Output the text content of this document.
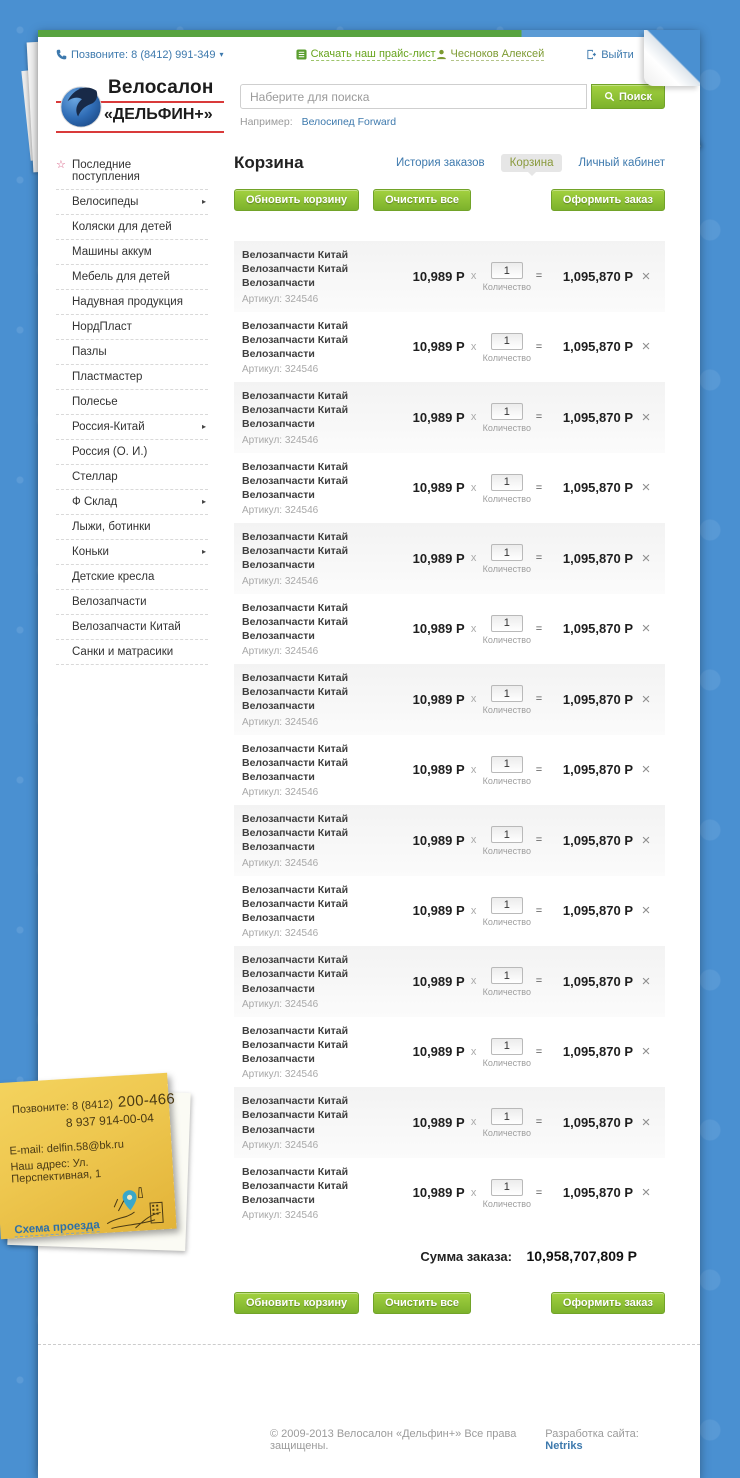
Позвоните: 8 (8412) 991-349 ▾	Скачать наш прайс-лист Чесноков Алексей	Выйти
Велосалон
«ДЕЛЬФИН+»
Наберите для поиска
Поиск
Например: Велосипед Forward
☆ Последние поступления
Велосипеды	▸
Коляски для детей
Машины аккум
Мебель для детей
Надувная продукция
НордПласт
Пазлы
Пластмастер
Полесье
Россия-Китай	▸
Россия (О. И.)
Стеллар
Ф Склад	▸
Лыжи, ботинки
Коньки	▸
Детские кресла
Велозапчасти
Велозапчасти Китай
Санки и матрасики
Корзина	История заказов	Корзина	Личный кабинет
Обновить корзину	Очистить все	Оформить заказ
Велозапчасти Китай Велозапчасти Китай Велозапчасти
Артикул: 324546
10,989 Р x
1
Количество
=	1,095,870 Р ×
Велозапчасти Китай Велозапчасти Китай Велозапчасти
Артикул: 324546
10,989 Р x
1
Количество
=	1,095,870 Р ×
Велозапчасти Китай Велозапчасти Китай Велозапчасти
Артикул: 324546
10,989 Р x
1
Количество
=	1,095,870 Р ×
Велозапчасти Китай Велозапчасти Китай Велозапчасти
Артикул: 324546
10,989 Р x
1
Количество
=	1,095,870 Р ×
Велозапчасти Китай Велозапчасти Китай Велозапчасти
Артикул: 324546
10,989 Р x
1
Количество
=	1,095,870 Р ×
Велозапчасти Китай Велозапчасти Китай Велозапчасти
Артикул: 324546
10,989 Р x
1
Количество
=	1,095,870 Р ×
Велозапчасти Китай Велозапчасти Китай Велозапчасти
Артикул: 324546
10,989 Р x
1
Количество
=	1,095,870 Р ×
Велозапчасти Китай Велозапчасти Китай Велозапчасти
Артикул: 324546
10,989 Р x
1
Количество
=	1,095,870 Р ×
Велозапчасти Китай Велозапчасти Китай Велозапчасти
Артикул: 324546
10,989 Р x
1
Количество
=	1,095,870 Р ×
Велозапчасти Китай Велозапчасти Китай Велозапчасти
Артикул: 324546
10,989 Р x
1
Количество
=	1,095,870 Р ×
Велозапчасти Китай Велозапчасти Китай Велозапчасти
Артикул: 324546
10,989 Р x
1
Количество
=	1,095,870 Р ×
Велозапчасти Китай Велозапчасти Китай Велозапчасти
Артикул: 324546
10,989 Р x
1
Количество
=	1,095,870 Р ×
Велозапчасти Китай Велозапчасти Китай Велозапчасти
Артикул: 324546
10,989 Р x
1
Количество
=	1,095,870 Р ×
Велозапчасти Китай Велозапчасти Китай Велозапчасти
Артикул: 324546
10,989 Р x
1
Количество
=	1,095,870 Р ×
Сумма заказа: 10,958,707,809 Р
Обновить корзину	Очистить все	Оформить заказ
© 2009-2013 Велосалон «Дельфин+» Все права защищены.
Разработка сайта: Netriks
Позвоните: 8 (8412) 200-466
8 937 914-00-04
E-mail: delfin.58@bk.ru
Наш адрес: Ул. Перспективная, 1
Схема проезда
